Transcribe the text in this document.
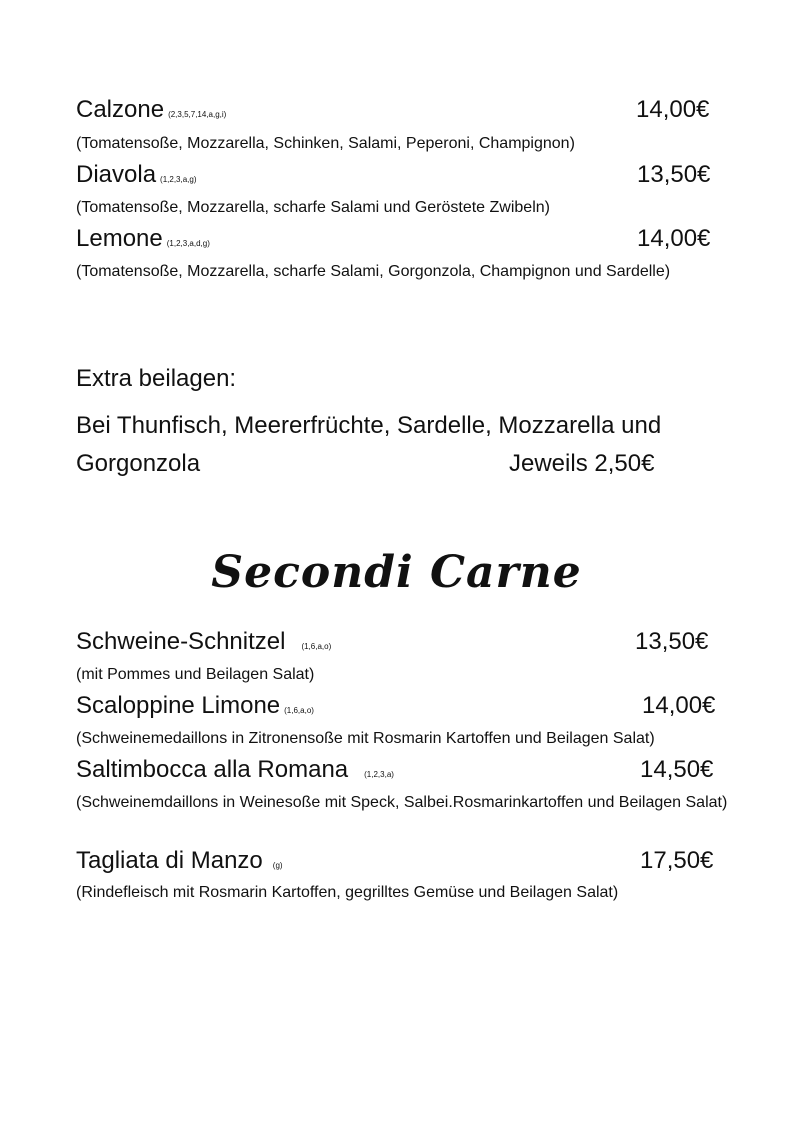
Calzone (2,3,5,7,14,a,g,i)	14,00€
(Tomatensoße, Mozzarella, Schinken, Salami, Peperoni, Champignon)
Diavola (1,2,3,a,g)	13,50€
(Tomatensoße, Mozzarella, scharfe Salami und Geröstete Zwibeln)
Lemone (1,2,3,a,d,g)	14,00€
(Tomatensoße, Mozzarella, scharfe Salami, Gorgonzola, Champignon und Sardelle)
Extra beilagen:
Bei Thunfisch, Meererfrüchte, Sardelle, Mozzarella und
Gorgonzola	Jeweils 2,50€
Secondi Carne
Schweine-Schnitzel (1,6,a,o)	13,50€
(mit Pommes und Beilagen Salat)
Scaloppine Limone (1,6,a,o)	14,00€
(Schweinemedaillons in Zitronensoße mit Rosmarin Kartoffen und Beilagen Salat)
Saltimbocca alla Romana (1,2,3,a)	14,50€
(Schweinemdaillons in Weinesoße mit Speck, Salbei.Rosmarinkartoffen und Beilagen Salat)
Tagliata di Manzo (g)	17,50€
(Rindefleisch mit Rosmarin Kartoffen, gegrilltes Gemüse und Beilagen Salat)
